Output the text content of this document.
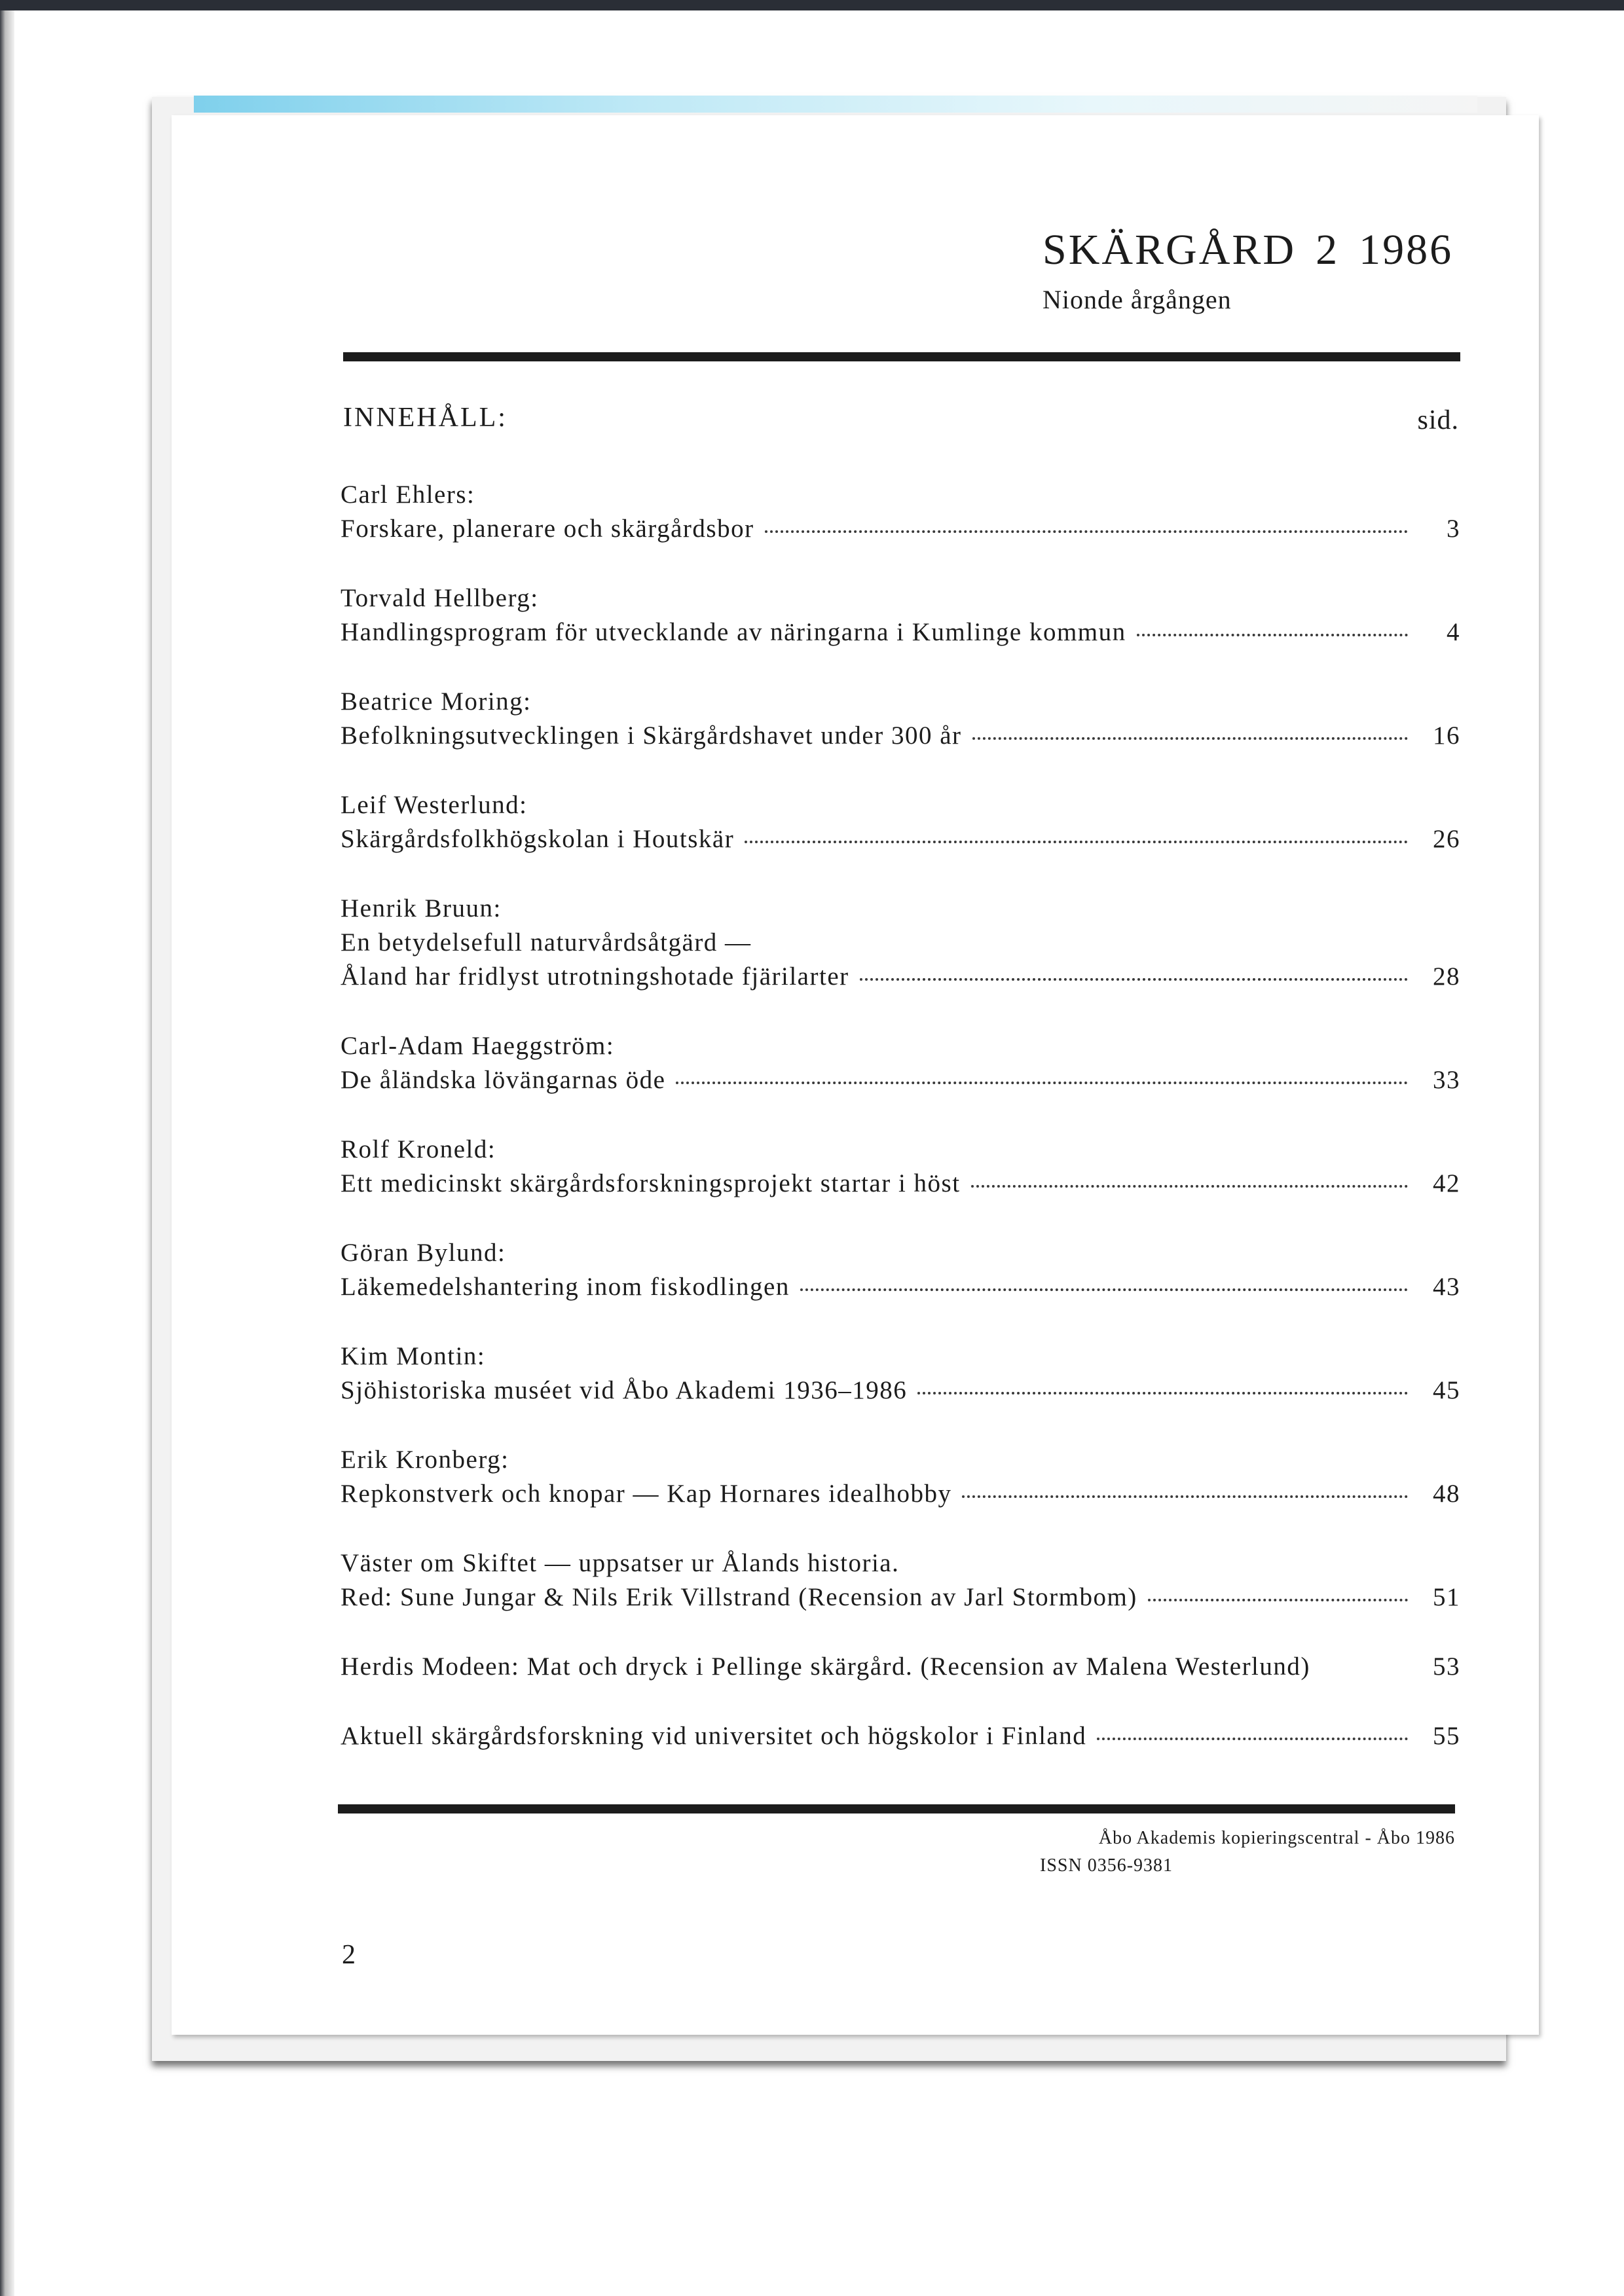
SKÄRGÅRD 2 1986
Nionde årgången
INNEHÅLL:	sid.
Carl Ehlers:
Forskare, planerare och skärgårdsbor	3
Torvald Hellberg:
Handlingsprogram för utvecklande av näringarna i Kumlinge kommun	4
Beatrice Moring:
Befolkningsutvecklingen i Skärgårdshavet under 300 år	16
Leif Westerlund:
Skärgårdsfolkhögskolan i Houtskär	26
Henrik Bruun:
En betydelsefull naturvårdsåtgärd —
Åland har fridlyst utrotningshotade fjärilarter	28
Carl-Adam Haeggström:
De åländska lövängarnas öde	33
Rolf Kroneld:
Ett medicinskt skärgårdsforskningsprojekt startar i höst	42
Göran Bylund:
Läkemedelshantering inom fiskodlingen	43
Kim Montin:
Sjöhistoriska muséet vid Åbo Akademi 1936–1986	45
Erik Kronberg:
Repkonstverk och knopar — Kap Hornares idealhobby	48
Väster om Skiftet — uppsatser ur Ålands historia.
Red: Sune Jungar & Nils Erik Villstrand (Recension av Jarl Stormbom)	51
Herdis Modeen: Mat och dryck i Pellinge skärgård. (Recension av Malena Westerlund)	53
Aktuell skärgårdsforskning vid universitet och högskolor i Finland	55
Åbo Akademis kopieringscentral - Åbo 1986
ISSN 0356-9381
2
